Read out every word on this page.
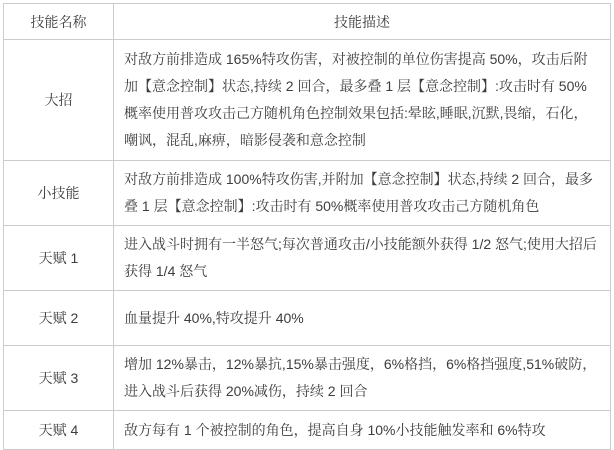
技能名称	技能描述
大招	对敌方前排造成 165%特攻伤害，对被控制的单位伤害提高 50%，攻击后附加【意念控制】状态,持续 2 回合，最多叠 1 层【意念控制】:攻击时有 50%概率使用普攻攻击己方随机角色控制效果包括:晕眩,睡眠,沉默,畏缩，石化，嘲讽，混乱,麻痹，暗影侵袭和意念控制
小技能	对敌方前排造成 100%特攻伤害,并附加【意念控制】状态,持续 2 回合，最多叠 1 层【意念控制】:攻击时有 50%概率使用普攻攻击己方随机角色
天赋 1	进入战斗时拥有一半怒气;每次普通攻击/小技能额外获得 1/2 怒气;使用大招后获得 1/4 怒气
天赋 2	血量提升 40%,特攻提升 40%
天赋 3	增加 12%暴击，12%暴抗,15%暴击强度，6%格挡，6%格挡强度,51%破防，进入战斗后获得 20%减伤，持续 2 回合
天赋 4	敌方每有 1 个被控制的角色，提高自身 10%小技能触发率和 6%特攻
